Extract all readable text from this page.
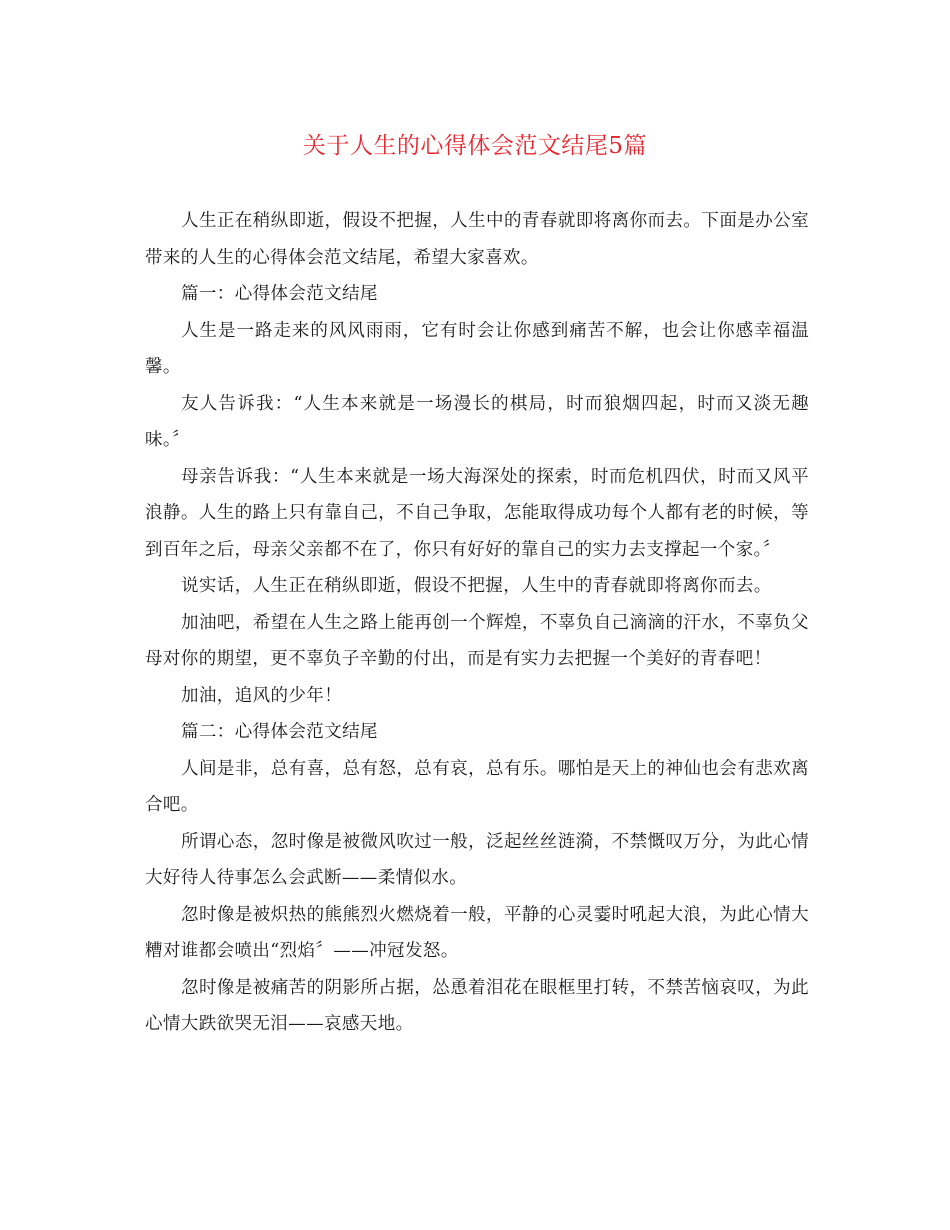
关于人生的心得体会范文结尾5篇

人生正在稍纵即逝，假设不把握，人生中的青春就即将离你而去。下面是办公室带来的人生的心得体会范文结尾，希望大家喜欢。

篇一：心得体会范文结尾

人生是一路走来的风风雨雨，它有时会让你感到痛苦不解，也会让你感幸福温馨。

友人告诉我：“人生本来就是一场漫长的棋局，时而狼烟四起，时而又淡无趣味。〞

母亲告诉我：“人生本来就是一场大海深处的探索，时而危机四伏，时而又风平浪静。人生的路上只有靠自己，不自己争取，怎能取得成功每个人都有老的时候，等到百年之后，母亲父亲都不在了，你只有好好的靠自己的实力去支撑起一个家。〞

说实话，人生正在稍纵即逝，假设不把握，人生中的青春就即将离你而去。

加油吧，希望在人生之路上能再创一个辉煌，不辜负自己滴滴的汗水，不辜负父母对你的期望，更不辜负子辛勤的付出，而是有实力去把握一个美好的青春吧！

加油，追风的少年！

篇二：心得体会范文结尾

人间是非，总有喜，总有怒，总有哀，总有乐。哪怕是天上的神仙也会有悲欢离合吧。

所谓心态，忽时像是被微风吹过一般，泛起丝丝涟漪，不禁慨叹万分，为此心情大好待人待事怎么会武断——柔情似水。

忽时像是被炽热的熊熊烈火燃烧着一般，平静的心灵霎时吼起大浪，为此心情大糟对谁都会喷出“烈焰〞——冲冠发怒。

忽时像是被痛苦的阴影所占据，怂恿着泪花在眼框里打转，不禁苦恼哀叹，为此心情大跌欲哭无泪——哀感天地。
